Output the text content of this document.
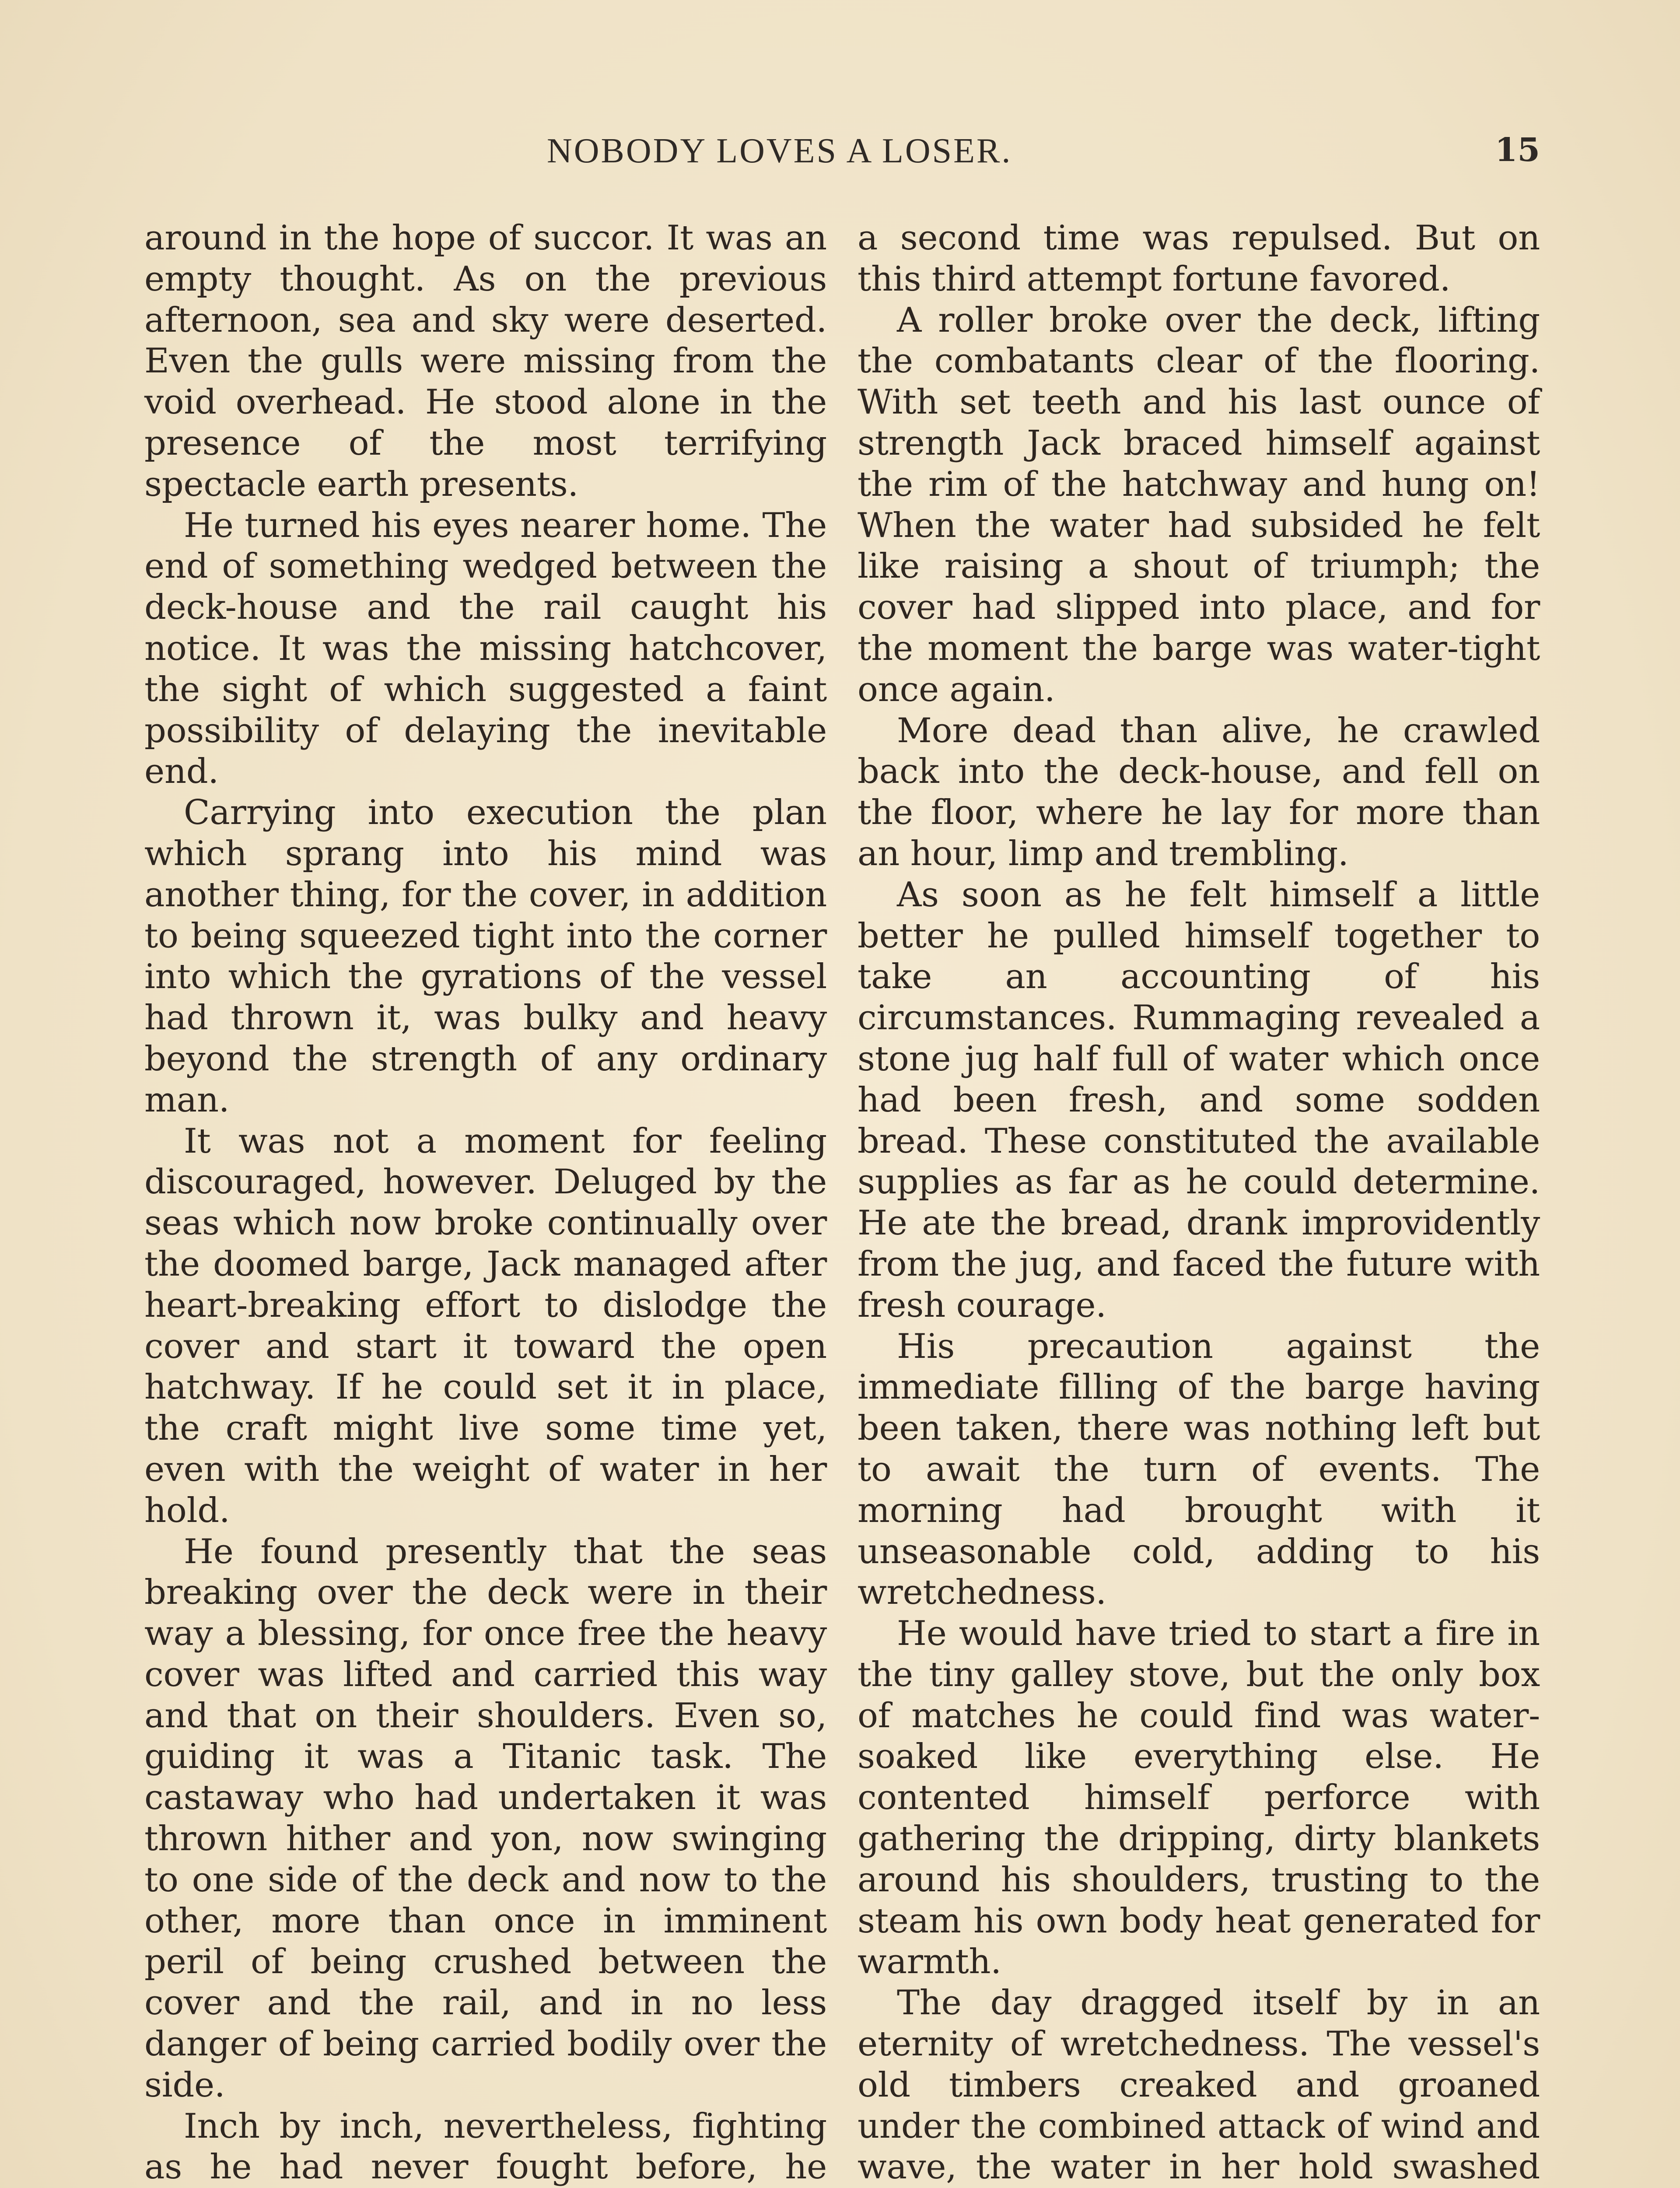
NOBODY LOVES A LOSER.	15

around in the hope of succor. It was an empty thought. As on the previous afternoon, sea and sky were deserted. Even the gulls were missing from the void overhead. He stood alone in the presence of the most terrifying spectacle earth presents.

He turned his eyes nearer home. The end of something wedged between the deck-house and the rail caught his notice. It was the missing hatchcover, the sight of which suggested a faint possibility of delaying the inevitable end.

Carrying into execution the plan which sprang into his mind was another thing, for the cover, in addition to being squeezed tight into the corner into which the gyrations of the vessel had thrown it, was bulky and heavy beyond the strength of any ordinary man.

It was not a moment for feeling discouraged, however. Deluged by the seas which now broke continually over the doomed barge, Jack managed after heart-breaking effort to dislodge the cover and start it toward the open hatchway. If he could set it in place, the craft might live some time yet, even with the weight of water in her hold.

He found presently that the seas breaking over the deck were in their way a blessing, for once free the heavy cover was lifted and carried this way and that on their shoulders. Even so, guiding it was a Titanic task. The castaway who had undertaken it was thrown hither and yon, now swinging to one side of the deck and now to the other, more than once in imminent peril of being crushed between the cover and the rail, and in no less danger of being carried bodily over the side.

Inch by inch, nevertheless, fighting as he had never fought before, he

a second time was repulsed. But on this third attempt fortune favored.

A roller broke over the deck, lifting the combatants clear of the flooring. With set teeth and his last ounce of strength Jack braced himself against the rim of the hatchway and hung on! When the water had subsided he felt like raising a shout of triumph; the cover had slipped into place, and for the moment the barge was water-tight once again.

More dead than alive, he crawled back into the deck-house, and fell on the floor, where he lay for more than an hour, limp and trembling.

As soon as he felt himself a little better he pulled himself together to take an accounting of his circumstances. Rummaging revealed a stone jug half full of water which once had been fresh, and some sodden bread. These constituted the available supplies as far as he could determine. He ate the bread, drank improvidently from the jug, and faced the future with fresh courage.

His precaution against the immediate filling of the barge having been taken, there was nothing left but to await the turn of events. The morning had brought with it unseasonable cold, adding to his wretchedness.

He would have tried to start a fire in the tiny galley stove, but the only box of matches he could find was water-soaked like everything else. He contented himself perforce with gathering the dripping, dirty blankets around his shoulders, trusting to the steam his own body heat generated for warmth.

The day dragged itself by in an eternity of wretchedness. The vessel's old timbers creaked and groaned under the combined attack of wind and wave, the water in her hold swashed
